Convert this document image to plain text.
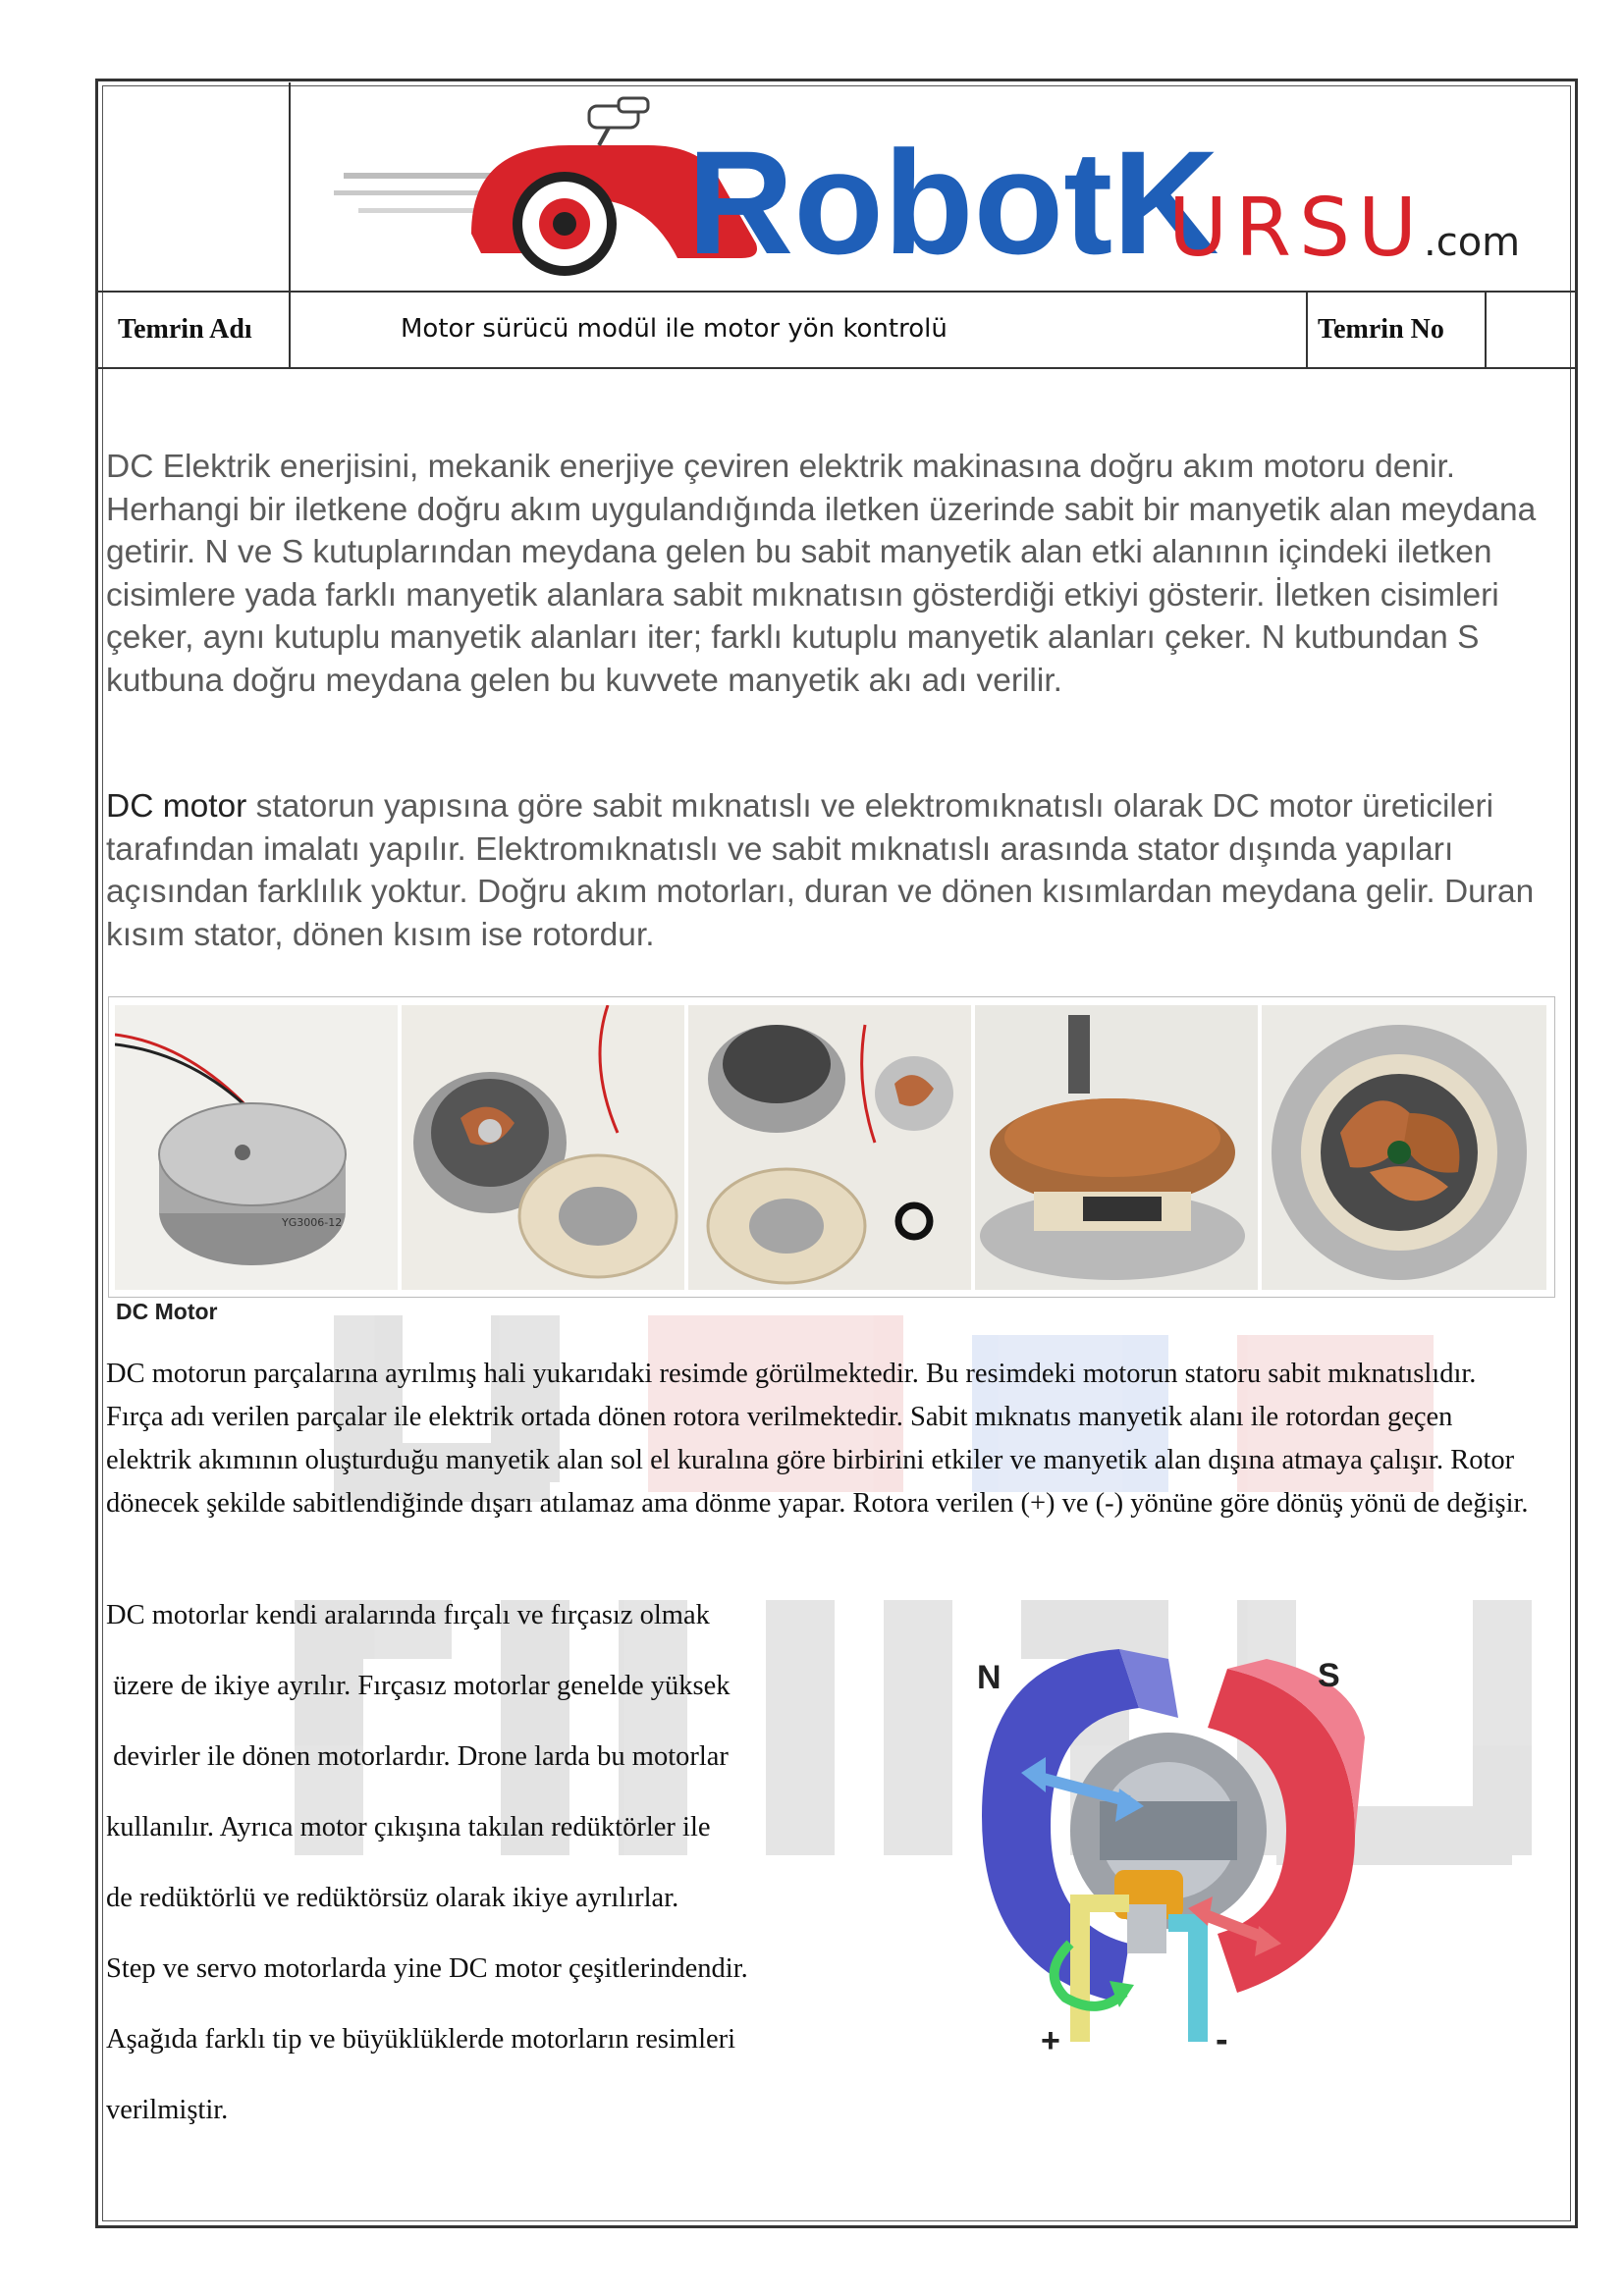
RobotK
URSU
.com
Temrin Adı	Motor sürücü modül ile motor yön kontrolü	Temrin No

DC Elektrik enerjisini, mekanik enerjiye çeviren elektrik makinasına doğru akım motoru denir. Herhangi bir iletkene doğru akım uygulandığında iletken üzerinde sabit bir manyetik alan meydana getirir. N ve S kutuplarından meydana gelen bu sabit manyetik alan etki alanının içindeki iletken cisimlere yada farklı manyetik alanlara sabit mıknatısın gösterdiği etkiyi gösterir. İletken cisimleri çeker, aynı kutuplu manyetik alanları iter; farklı kutuplu manyetik alanları çeker. N kutbundan S kutbuna doğru meydana gelen bu kuvvete manyetik akı adı verilir.

DC motor statorun yapısına göre sabit mıknatıslı ve elektromıknatıslı olarak DC motor üreticileri tarafından imalatı yapılır. Elektromıknatıslı ve sabit mıknatıslı arasında stator dışında yapıları açısından farklılık yoktur. Doğru akım motorları, duran ve dönen kısımlardan meydana gelir. Duran kısım stator, dönen kısım ise rotordur.

YG3006-12
DC Motor

DC motorun parçalarına ayrılmış hali yukarıdaki resimde görülmektedir. Bu resimdeki motorun statoru sabit mıknatıslıdır. Fırça adı verilen parçalar ile elektrik ortada dönen rotora verilmektedir. Sabit mıknatıs manyetik alanı ile rotordan geçen elektrik akımının oluşturduğu manyetik alan sol el kuralına göre birbirini etkiler ve manyetik alan dışına atmaya çalışır. Rotor dönecek şekilde sabitlendiğinde dışarı atılamaz ama dönme yapar. Rotora verilen (+) ve (-) yönüne göre dönüş yönü de değişir.

DC motorlar kendi aralarında fırçalı ve fırçasız olmak
üzere de ikiye ayrılır. Fırçasız motorlar genelde yüksek
devirler ile dönen motorlardır. Drone larda bu motorlar
kullanılır. Ayrıca motor çıkışına takılan redüktörler ile
de redüktörlü ve redüktörsüz olarak ikiye ayrılırlar.
Step ve servo motorlarda yine DC motor çeşitlerindendir.
Aşağıda farklı tip ve büyüklüklerde motorların resimleri
verilmiştir.
N	S
+	-
